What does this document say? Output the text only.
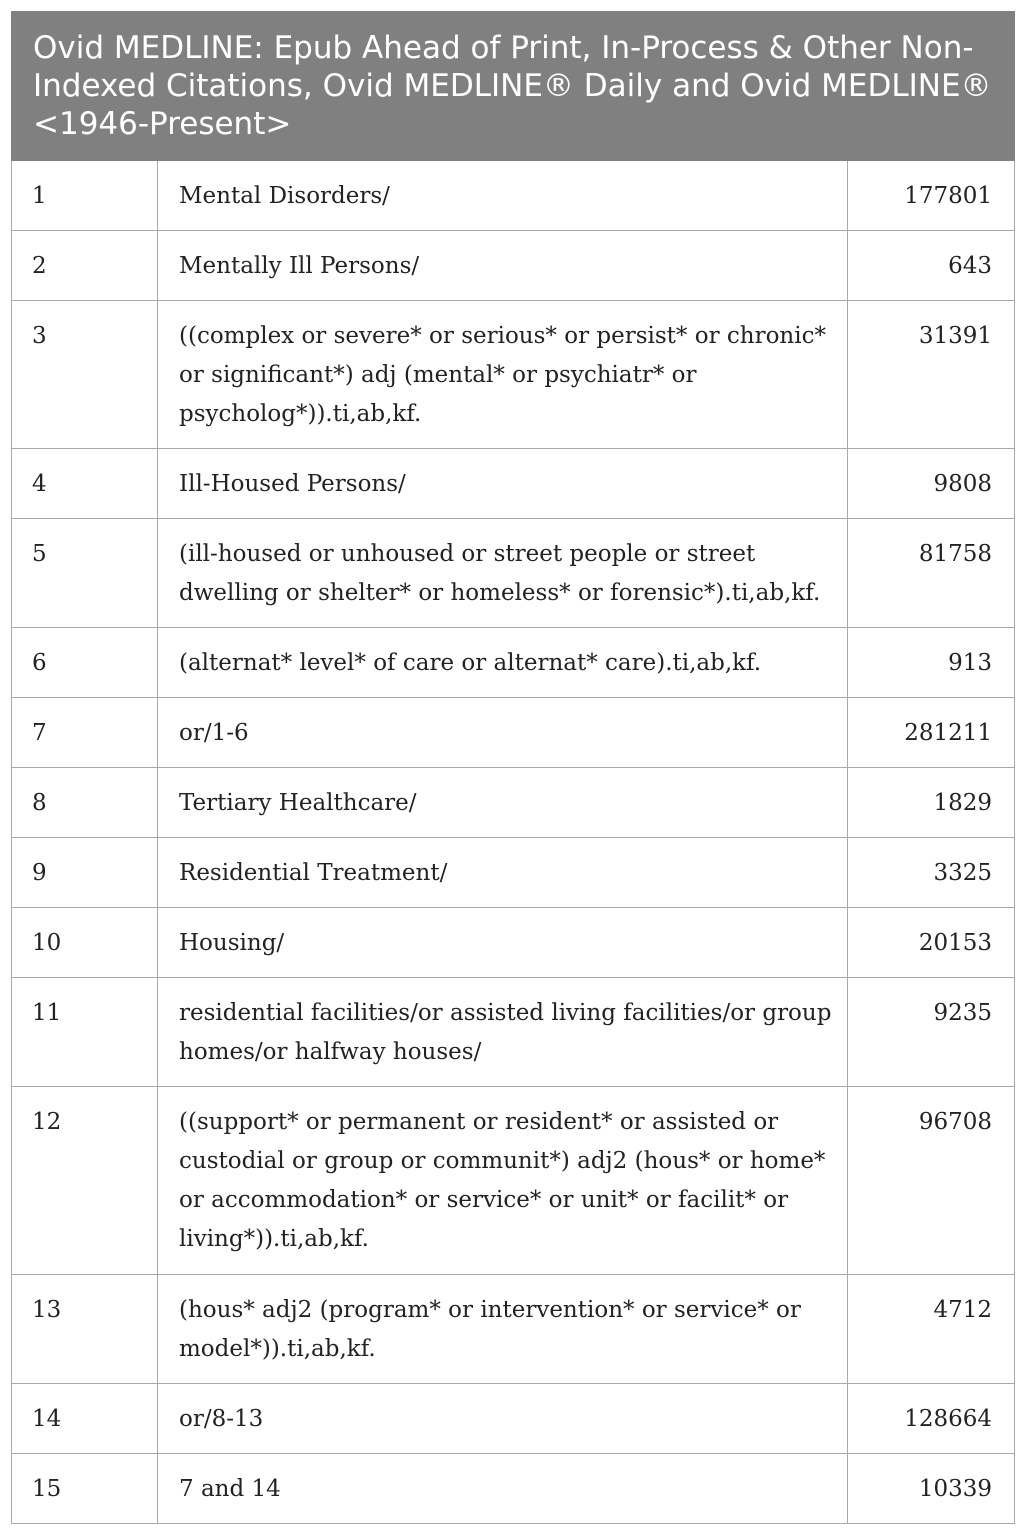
Ovid MEDLINE: Epub Ahead of Print, In-Process & Other Non-Indexed Citations, Ovid MEDLINE® Daily and Ovid MEDLINE® <1946-Present>		
1	Mental Disorders/	177801
2	Mentally Ill Persons/	643
3	((complex or severe* or serious* or persist* or chronic* or significant*) adj (mental* or psychiatr* or psycholog*)).ti,ab,kf.	31391
4	Ill-Housed Persons/	9808
5	(ill-housed or unhoused or street people or street dwelling or shelter* or homeless* or forensic*).ti,ab,kf.	81758
6	(alternat* level* of care or alternat* care).ti,ab,kf.	913
7	or/1-6	281211
8	Tertiary Healthcare/	1829
9	Residential Treatment/	3325
10	Housing/	20153
11	residential facilities/or assisted living facilities/or group homes/or halfway houses/	9235
12	((support* or permanent or resident* or assisted or custodial or group or communit*) adj2 (hous* or home* or accommodation* or service* or unit* or facilit* or living*)).ti,ab,kf.	96708
13	(hous* adj2 (program* or intervention* or service* or model*)).ti,ab,kf.	4712
14	or/8-13	128664
15	7 and 14	10339
